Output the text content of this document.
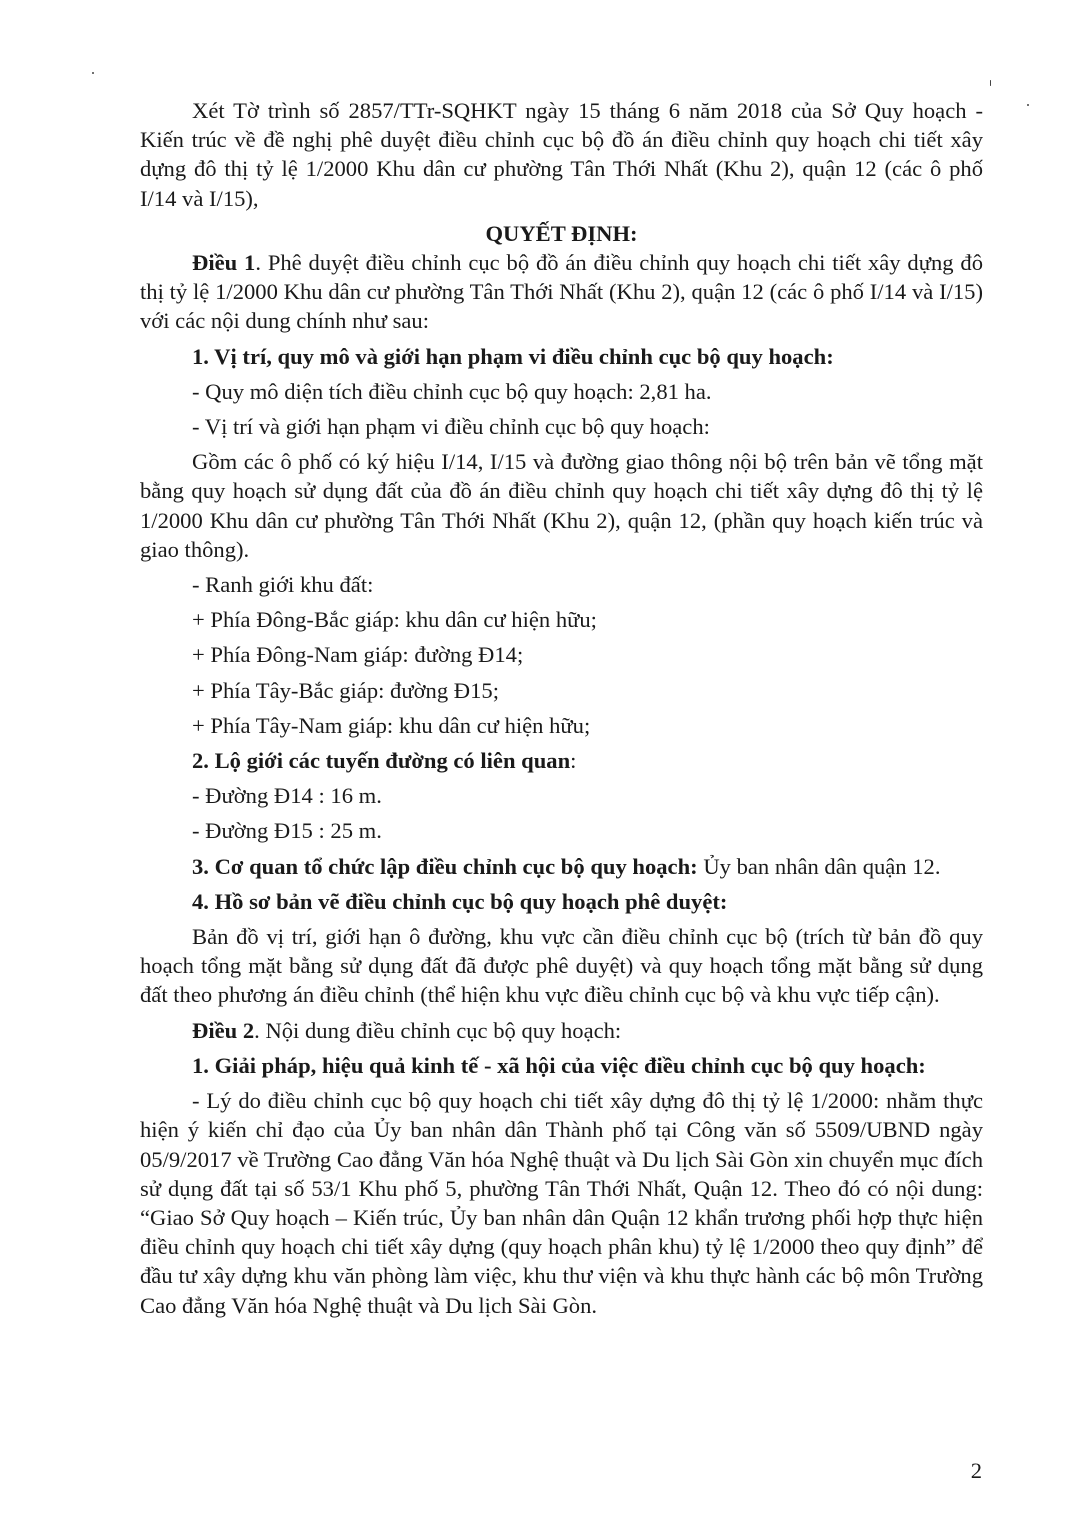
Xét Tờ trình số 2857/TTr-SQHKT ngày 15 tháng 6 năm 2018 của Sở Quy hoạch - Kiến trúc về đề nghị phê duyệt điều chỉnh cục bộ đồ án điều chỉnh quy hoạch chi tiết xây dựng đô thị tỷ lệ 1/2000 Khu dân cư phường Tân Thới Nhất (Khu 2), quận 12 (các ô phố I/14 và I/15),

QUYẾT ĐỊNH:

Điều 1. Phê duyệt điều chỉnh cục bộ đồ án điều chỉnh quy hoạch chi tiết xây dựng đô thị tỷ lệ 1/2000 Khu dân cư phường Tân Thới Nhất (Khu 2), quận 12 (các ô phố I/14 và I/15) với các nội dung chính như sau:

1. Vị trí, quy mô và giới hạn phạm vi điều chỉnh cục bộ quy hoạch:

- Quy mô diện tích điều chỉnh cục bộ quy hoạch: 2,81 ha.

- Vị trí và giới hạn phạm vi điều chỉnh cục bộ quy hoạch:

Gồm các ô phố có ký hiệu I/14, I/15 và đường giao thông nội bộ trên bản vẽ tổng mặt bằng quy hoạch sử dụng đất của đồ án điều chỉnh quy hoạch chi tiết xây dựng đô thị tỷ lệ 1/2000 Khu dân cư phường Tân Thới Nhất (Khu 2), quận 12, (phần quy hoạch kiến trúc và giao thông).

- Ranh giới khu đất:

+ Phía Đông-Bắc giáp: khu dân cư hiện hữu;

+ Phía Đông-Nam giáp: đường Đ14;

+ Phía Tây-Bắc giáp: đường Đ15;

+ Phía Tây-Nam giáp: khu dân cư hiện hữu;

2. Lộ giới các tuyến đường có liên quan:

- Đường Đ14 : 16 m.

- Đường Đ15 : 25 m.

3. Cơ quan tổ chức lập điều chỉnh cục bộ quy hoạch: Ủy ban nhân dân quận 12.

4. Hồ sơ bản vẽ điều chỉnh cục bộ quy hoạch phê duyệt:

Bản đồ vị trí, giới hạn ô đường, khu vực cần điều chỉnh cục bộ (trích từ bản đồ quy hoạch tổng mặt bằng sử dụng đất đã được phê duyệt) và quy hoạch tổng mặt bằng sử dụng đất theo phương án điều chỉnh (thể hiện khu vực điều chỉnh cục bộ và khu vực tiếp cận).

Điều 2. Nội dung điều chỉnh cục bộ quy hoạch:

1. Giải pháp, hiệu quả kinh tế - xã hội của việc điều chỉnh cục bộ quy hoạch:

- Lý do điều chỉnh cục bộ quy hoạch chi tiết xây dựng đô thị tỷ lệ 1/2000: nhằm thực hiện ý kiến chỉ đạo của Ủy ban nhân dân Thành phố tại Công văn số 5509/UBND ngày 05/9/2017 về Trường Cao đẳng Văn hóa Nghệ thuật và Du lịch Sài Gòn xin chuyển mục đích sử dụng đất tại số 53/1 Khu phố 5, phường Tân Thới Nhất, Quận 12. Theo đó có nội dung: “Giao Sở Quy hoạch – Kiến trúc, Ủy ban nhân dân Quận 12 khẩn trương phối hợp thực hiện điều chỉnh quy hoạch chi tiết xây dựng (quy hoạch phân khu) tỷ lệ 1/2000 theo quy định” để đầu tư xây dựng khu văn phòng làm việc, khu thư viện và khu thực hành các bộ môn Trường Cao đẳng Văn hóa Nghệ thuật và Du lịch Sài Gòn.

2
